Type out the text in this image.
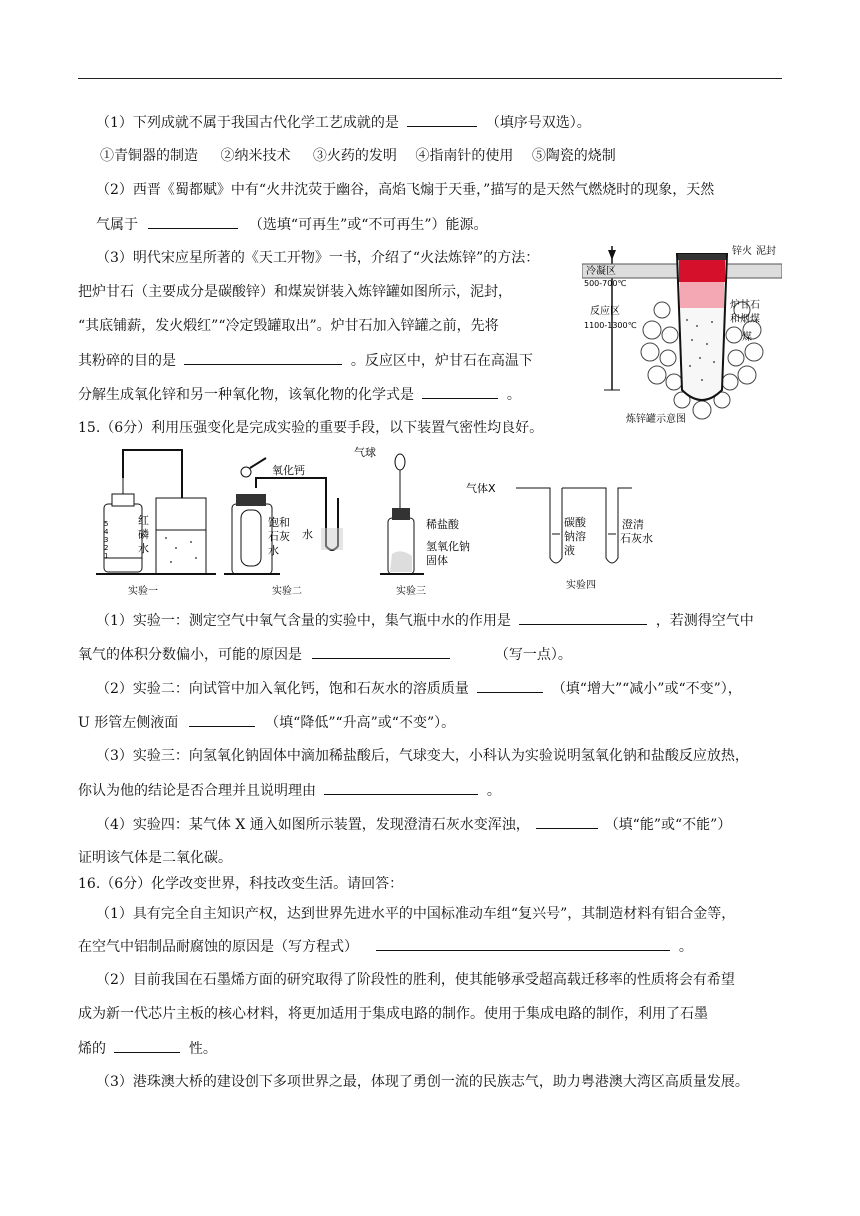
（1）下列成就不属于我国古代化学工艺成就的是	（填序号双选）。
①青铜器的制造 ②纳米技术 ③火药的发明 ④指南针的使用 ⑤陶瓷的烧制
（2）西晋《蜀都赋》中有“火井沈荧于幽谷，高焰飞煽于天垂，”描写的是天然气燃烧时的现象，天然
气属于	（选填“可再生”或“不可再生”）能源。
（3）明代宋应星所著的《天工开物》一书，介绍了“火法炼锌”的方法：
把炉甘石（主要成分是碳酸锌）和煤炭饼装入炼锌罐如图所示，泥封，
“其底铺薪，发火煅红”“冷定毁罐取出”。炉甘石加入锌罐之前，先将
其粉碎的目的是	。反应区中，炉甘石在高温下
分解生成氧化锌和另一种氧化物，该氧化物的化学式是	。
锌火 泥封
冷凝区
500-700℃
反应区
1100-1300℃
炉甘石
和烟煤
煤
炼锌罐示意图
15.（6分）利用压强变化是完成实验的重要手段，以下装置气密性均良好。
红
磷
水
5
4
3
2
1
实验一
氧化钙
饱和
石灰
水
水
实验二
气球
稀盐酸
氢氧化钠
固体
实验三
气体X
碳酸
钠溶
液
澄清
石灰水
实验四
（1）实验一：测定空气中氧气含量的实验中，集气瓶中水的作用是	，若测得空气中
氧气的体积分数偏小，可能的原因是	（写一点）。
（2）实验二：向试管中加入氧化钙，饱和石灰水的溶质质量	（填“增大”“减小”或“不变”），
U 形管左侧液面	（填“降低”“升高”或“不变”）。
（3）实验三：向氢氧化钠固体中滴加稀盐酸后，气球变大，小科认为实验说明氢氧化钠和盐酸反应放热，
你认为他的结论是否合理并且说明理由	。
（4）实验四：某气体 X 通入如图所示装置，发现澄清石灰水变浑浊，	（填“能”或“不能”）
证明该气体是二氧化碳。
16.（6分）化学改变世界，科技改变生活。请回答：
（1）具有完全自主知识产权，达到世界先进水平的中国标准动车组“复兴号”，其制造材料有铝合金等，
在空气中铝制品耐腐蚀的原因是（写方程式）	。
（2）目前我国在石墨烯方面的研究取得了阶段性的胜利，使其能够承受超高载迁移率的性质将会有希望
成为新一代芯片主板的核心材料，将更加适用于集成电路的制作。使用于集成电路的制作，利用了石墨
烯的	性。
（3）港珠澳大桥的建设创下多项世界之最，体现了勇创一流的民族志气，助力粤港澳大湾区高质量发展。
